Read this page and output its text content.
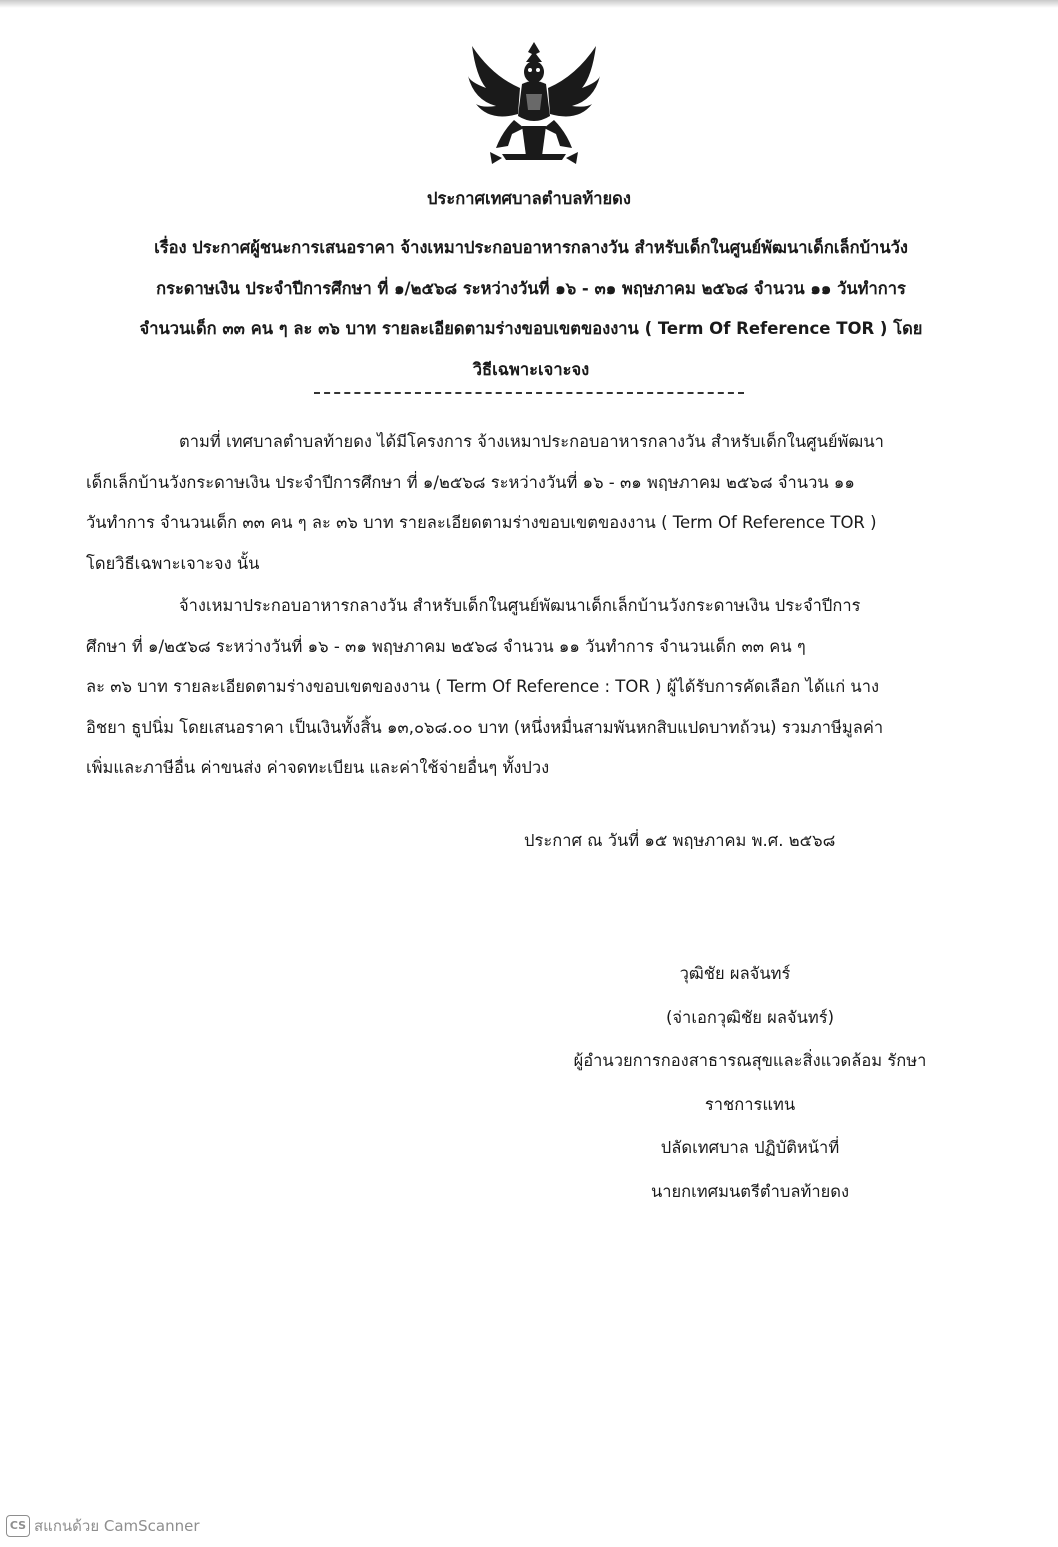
ประกาศเทศบาลตำบลท้ายดง
เรื่อง ประกาศผู้ชนะการเสนอราคา จ้างเหมาประกอบอาหารกลางวัน สำหรับเด็กในศูนย์พัฒนาเด็กเล็กบ้านวัง
กระดาษเงิน ประจำปีการศึกษา ที่ ๑/๒๕๖๘ ระหว่างวันที่ ๑๖ - ๓๑ พฤษภาคม ๒๕๖๘ จำนวน ๑๑ วันทำการ
จำนวนเด็ก ๓๓ คน ๆ ละ ๓๖ บาท รายละเอียดตามร่างขอบเขตของงาน ( Term Of Reference TOR ) โดย
วิธีเฉพาะเจาะจง
ตามที่ เทศบาลตำบลท้ายดง ได้มีโครงการ จ้างเหมาประกอบอาหารกลางวัน สำหรับเด็กในศูนย์พัฒนา
เด็กเล็กบ้านวังกระดาษเงิน ประจำปีการศึกษา ที่ ๑/๒๕๖๘ ระหว่างวันที่ ๑๖ - ๓๑ พฤษภาคม ๒๕๖๘ จำนวน ๑๑
วันทำการ จำนวนเด็ก ๓๓ คน ๆ ละ ๓๖ บาท รายละเอียดตามร่างขอบเขตของงาน ( Term Of Reference TOR )
โดยวิธีเฉพาะเจาะจง นั้น
จ้างเหมาประกอบอาหารกลางวัน สำหรับเด็กในศูนย์พัฒนาเด็กเล็กบ้านวังกระดาษเงิน ประจำปีการ
ศึกษา ที่ ๑/๒๕๖๘ ระหว่างวันที่ ๑๖ - ๓๑ พฤษภาคม ๒๕๖๘ จำนวน ๑๑ วันทำการ จำนวนเด็ก ๓๓ คน ๆ
ละ ๓๖ บาท รายละเอียดตามร่างขอบเขตของงาน ( Term Of Reference : TOR ) ผู้ได้รับการคัดเลือก ได้แก่ นาง
อิชยา ธูปนิ่ม โดยเสนอราคา เป็นเงินทั้งสิ้น ๑๓,๐๖๘.๐๐ บาท (หนึ่งหมื่นสามพันหกสิบแปดบาทถ้วน) รวมภาษีมูลค่า
เพิ่มและภาษีอื่น ค่าขนส่ง ค่าจดทะเบียน และค่าใช้จ่ายอื่นๆ ทั้งปวง
ประกาศ ณ วันที่ ๑๕ พฤษภาคม พ.ศ. ๒๕๖๘
วุฒิชัย ผลจันทร์
(จ่าเอกวุฒิชัย ผลจันทร์)
ผู้อำนวยการกองสาธารณสุขและสิ่งแวดล้อม รักษา
ราชการแทน
ปลัดเทศบาล ปฏิบัติหน้าที่
นายกเทศมนตรีตำบลท้ายดง
CS สแกนด้วย CamScanner
